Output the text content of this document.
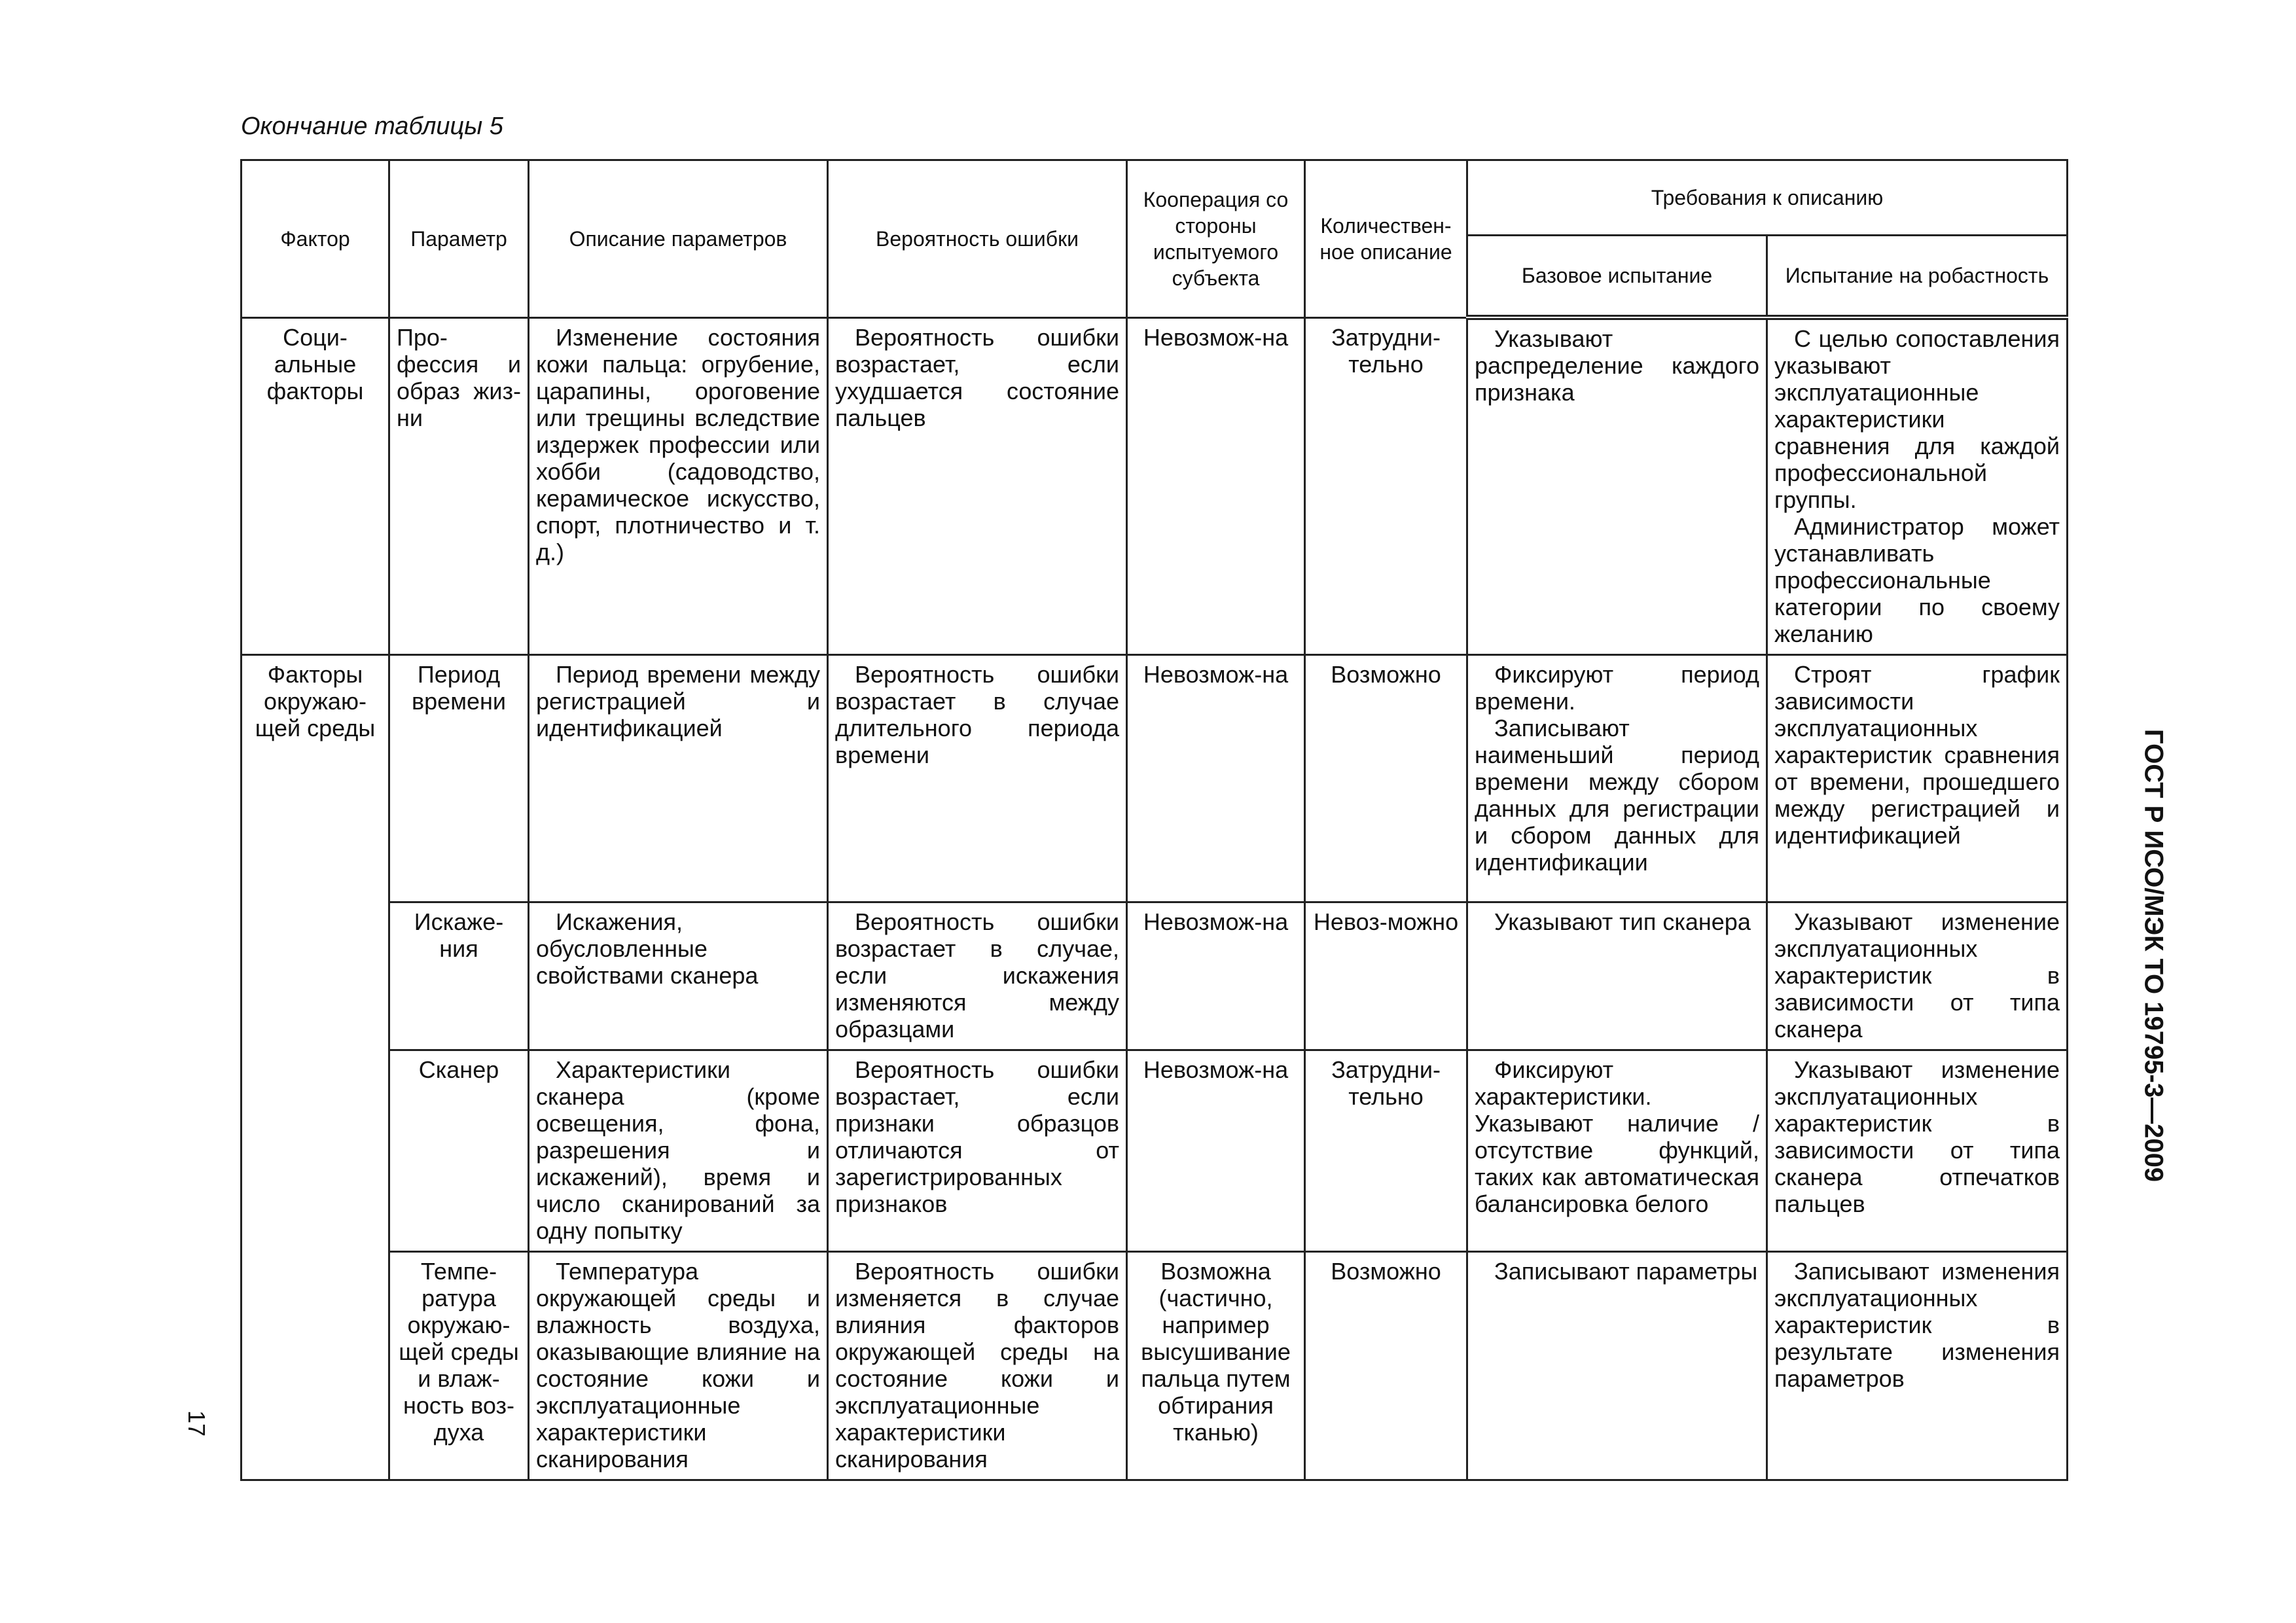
Окончание таблицы 5
Фактор	Параметр	Описание параметров	Вероятность ошибки	Кооперация со стороны испытуемого субъекта	Количествен-ное описание	Требования к описанию	
						Базовое испытание	Испытание на робастность
Соци-альные факторы	Про-фессия и образ жиз-ни	Изменение состояния кожи пальца: огрубение, царапины, ороговение или трещины вследствие издержек профессии или хобби (садоводство, керамическое искусство, спорт, плотничество и т. д.)	Вероятность ошибки возрастает, если ухудшается состояние пальцев	Невозмож-на	Затрудни-тельно	Указывают распределение каждого признака	С целью сопоставления указывают эксплуатационные характеристики сравнения для каждой профессиональной группы.
Администратор может устанавливать профессиональные категории по своему желанию

Факторы окружаю-щей среды	Период времени	Период времени между регистрацией и идентификацией	Вероятность ошибки возрастает в случае длительного периода времени	Невозмож-на	Возможно	Фиксируют период времени.
Записывают наименьший период времени между сбором данных для регистрации и сбором данных для идентификации	Строят график зависимости эксплуатационных характеристик сравнения от времени, прошедшего между регистрацией и идентификацией

	Искаже-ния	Искажения, обусловленные свойствами сканера	Вероятность ошибки возрастает в случае, если искажения изменяются между образцами	Невозмож-на	Невоз-можно	Указывают тип сканера	Указывают изменение эксплуатационных характеристик в зависимости от типа сканера

	Сканер	Характеристики сканера (кроме освещения, фона, разрешения и искажений), время и число сканирований за одну попытку	Вероятность ошибки возрастает, если признаки образцов отличаются от зарегистрированных признаков	Невозмож-на	Затрудни-тельно	Фиксируют характеристики. Указывают наличие / отсутствие функций, таких как автоматическая балансировка белого	Указывают изменение эксплуатационных характеристик в зависимости от типа сканера отпечатков пальцев

	Темпе-ратура окружаю-щей среды и влаж-ность воз-духа	Температура окружающей среды и влажность воздуха, оказывающие влияние на состояние кожи и эксплуатационные характеристики сканирования	Вероятность ошибки изменяется в случае влияния факторов окружающей среды на состояние кожи и эксплуатационные характеристики сканирования	Возможна (частично, например высушивание пальца путем обтирания тканью)	Возможно	Записывают параметры	Записывают изменения эксплуатационных характеристик в результате изменения параметров
ГОСТ Р ИСО/МЭК ТО 19795-3—2009
17
